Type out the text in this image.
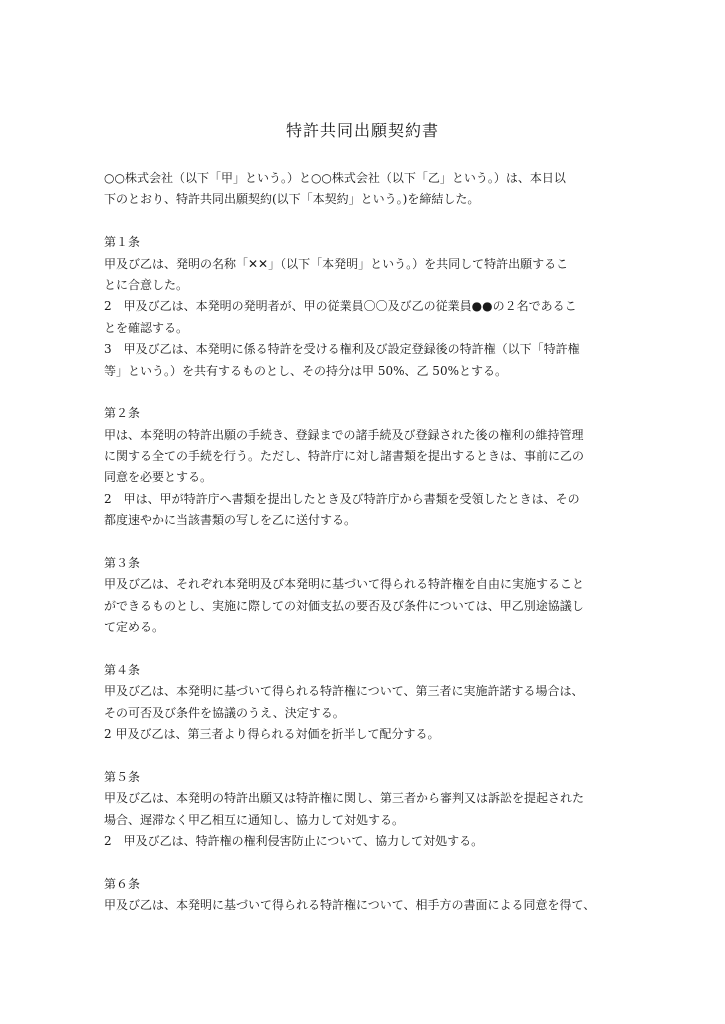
特許共同出願契約書
○○株式会社（以下「甲」という。）と○○株式会社（以下「乙」という。）は、本日以
下のとおり、特許共同出願契約(以下「本契約」という。)を締結した。
第１条
甲及び乙は、発明の名称「✕✕」（以下「本発明」という。）を共同して特許出願するこ
とに合意した。
2　甲及び乙は、本発明の発明者が、甲の従業員〇〇及び乙の従業員●●の２名であるこ
とを確認する。
3　甲及び乙は、本発明に係る特許を受ける権利及び設定登録後の特許権（以下「特許権
等」という。）を共有するものとし、その持分は甲 50%、乙 50%とする。
第２条
甲は、本発明の特許出願の手続き、登録までの諸手続及び登録された後の権利の維持管理
に関する全ての手続を行う。ただし、特許庁に対し諸書類を提出するときは、事前に乙の
同意を必要とする。
2　甲は、甲が特許庁へ書類を提出したとき及び特許庁から書類を受領したときは、その
都度速やかに当該書類の写しを乙に送付する。
第３条
甲及び乙は、それぞれ本発明及び本発明に基づいて得られる特許権を自由に実施すること
ができるものとし、実施に際しての対価支払の要否及び条件については、甲乙別途協議し
て定める。
第４条
甲及び乙は、本発明に基づいて得られる特許権について、第三者に実施許諾する場合は、
その可否及び条件を協議のうえ、決定する。
2 甲及び乙は、第三者より得られる対価を折半して配分する。
第５条
甲及び乙は、本発明の特許出願又は特許権に関し、第三者から審判又は訴訟を提起された
場合、遅滞なく甲乙相互に通知し、協力して対処する。
2　甲及び乙は、特許権の権利侵害防止について、協力して対処する。
第６条
甲及び乙は、本発明に基づいて得られる特許権について、相手方の書面による同意を得て、
